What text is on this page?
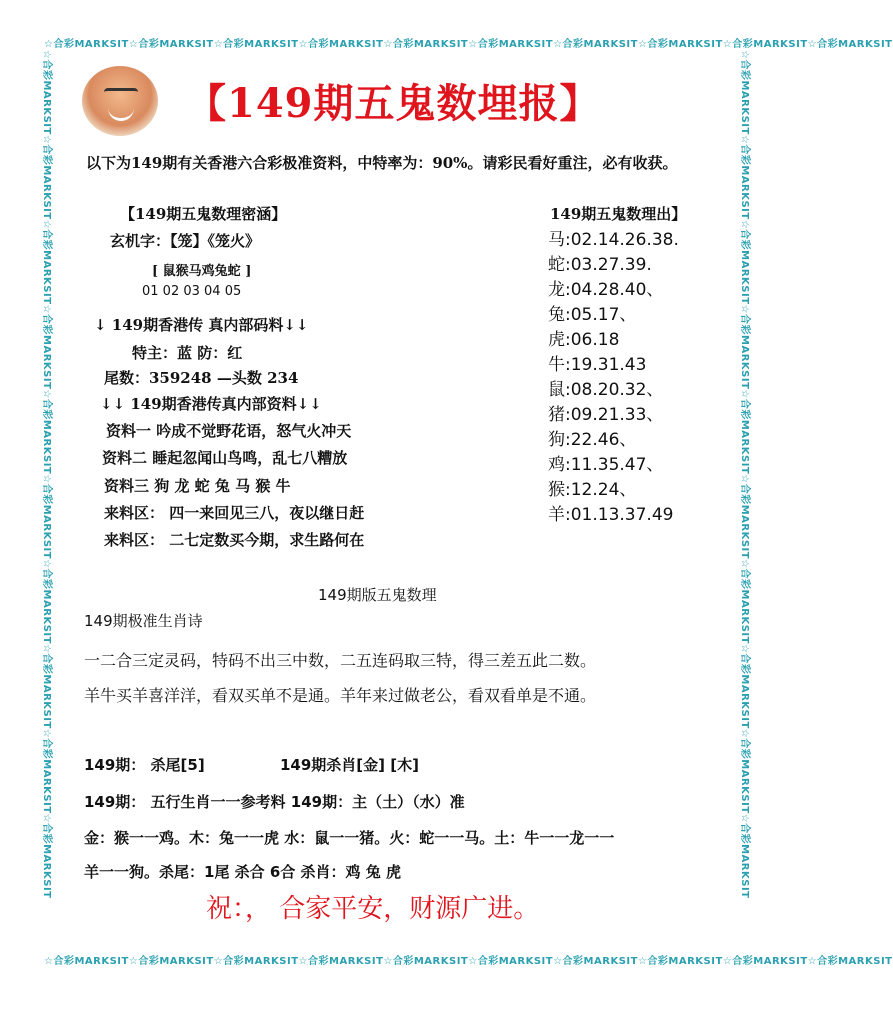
☆合彩MARKSIT☆合彩MARKSIT☆合彩MARKSIT☆合彩MARKSIT☆合彩MARKSIT☆合彩MARKSIT☆合彩MARKSIT☆合彩MARKSIT☆合彩MARKSIT☆合彩MARKSIT
☆合彩MARKSIT☆合彩MARKSIT☆合彩MARKSIT☆合彩MARKSIT☆合彩MARKSIT☆合彩MARKSIT☆合彩MARKSIT☆合彩MARKSIT☆合彩MARKSIT☆合彩MARKSIT
☆合彩MARKSIT☆合彩MARKSIT☆合彩MARKSIT☆合彩MARKSIT☆合彩MARKSIT☆合彩MARKSIT☆合彩MARKSIT☆合彩MARKSIT☆合彩MARKSIT☆合彩MARKSIT	☆合彩MARKSIT☆合彩MARKSIT☆合彩MARKSIT☆合彩MARKSIT☆合彩MARKSIT☆合彩MARKSIT☆合彩MARKSIT☆合彩MARKSIT☆合彩MARKSIT☆合彩MARKSIT
【149期五鬼数埋报】
以下为149期有关香港六合彩极准资料，中特率为：90%。请彩民看好重注，必有收获。
【149期五鬼数理密涵】
玄机字：【笼】《笼火》
[ 鼠猴马鸡兔蛇 ]
01 02 03 04 05
↓ 149期香港传 真内部码料↓↓
特主：蓝 防：红
尾数：359248 —头数 234
↓↓ 149期香港传真内部资料↓↓
资料一 吟成不觉野花语，怒气火冲天
资料二 睡起忽闻山鸟鸣，乱七八糟放
资料三 狗 龙 蛇 兔 马 猴 牛
来料区： 四一来回见三八，夜以继日赶
来料区： 二七定数买今期，求生路何在
149期五鬼数理出】
马:02.14.26.38.
蛇:03.27.39.
龙:04.28.40、
兔:05.17、
虎:06.18
牛:19.31.43
鼠:08.20.32、
猪:09.21.33、
狗:22.46、
鸡:11.35.47、
猴:12.24、
羊:01.13.37.49
149期版五鬼数理
149期极准生肖诗
一二合三定灵码，特码不出三中数，二五连码取三特，得三差五此二数。
羊牛买羊喜洋洋，看双买单不是通。羊年来过做老公，看双看单是不通。
149期： 杀尾[5]	149期杀肖[金] [木]
149期： 五行生肖一一参考料 149期：主（土）（水）准
金：猴一一鸡。木：兔一一虎 水：鼠一一猪。火：蛇一一马。土：牛一一龙一一
羊一一狗。杀尾：1尾 杀合 6合 杀肖：鸡 兔 虎
祝：， 合家平安，财源广进。
